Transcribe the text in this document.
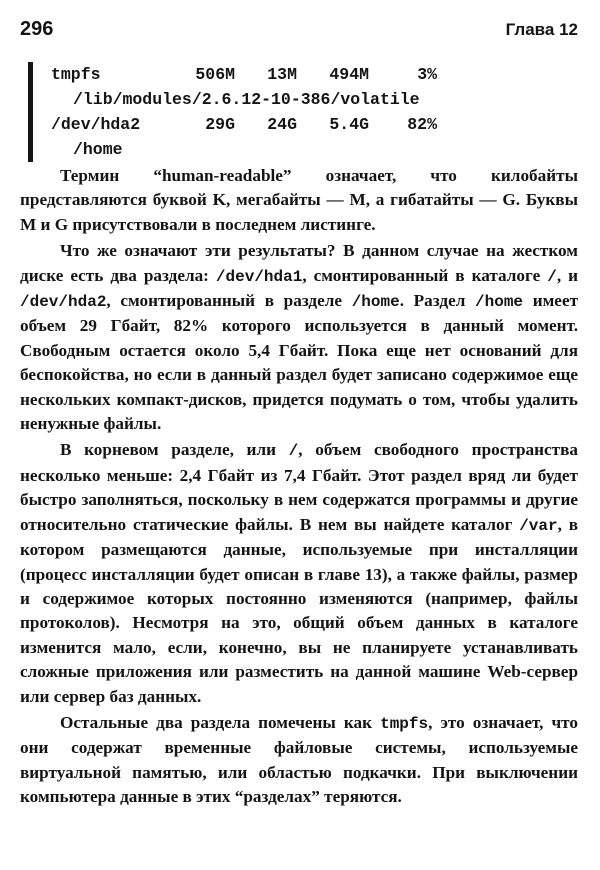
296	Глава 12
tmpfs	506M 13M 494M	3%
/lib/modules/2.6.12-10-386/volatile
/dev/hda2	29G 24G 5.4G 82%
/home

Термин “human-readable” означает, что килобайты представляются буквой K, мегабайты — M, а гибатайты — G. Буквы M и G присутствовали в последнем листинге.

Что же означают эти результаты? В данном случае на жестком диске есть два раздела: /dev/hda1, смонтированный в каталоге /, и /dev/hda2, смонтированный в разделе /home. Раздел /home имеет объем 29 Гбайт, 82% которого используется в данный момент. Свободным остается около 5,4 Гбайт. Пока еще нет оснований для беспокойства, но если в данный раздел будет записано содержимое еще нескольких компакт-дисков, придется подумать о том, чтобы удалить ненужные файлы.

В корневом разделе, или /, объем свободного пространства несколько меньше: 2,4 Гбайт из 7,4 Гбайт. Этот раздел вряд ли будет быстро заполняться, поскольку в нем содержатся программы и другие относительно статические файлы. В нем вы найдете каталог /var, в котором размещаются данные, используемые при инсталляции (процесс инсталляции будет описан в главе 13), а также файлы, размер и содержимое которых постоянно изменяются (например, файлы протоколов). Несмотря на это, общий объем данных в каталоге изменится мало, если, конечно, вы не планируете устанавливать сложные приложения или разместить на данной машине Web-сервер или сервер баз данных.

Остальные два раздела помечены как tmpfs, это означает, что они содержат временные файловые системы, используемые виртуальной памятью, или областью подкачки. При выключении компьютера данные в этих “разделах” теряются.
